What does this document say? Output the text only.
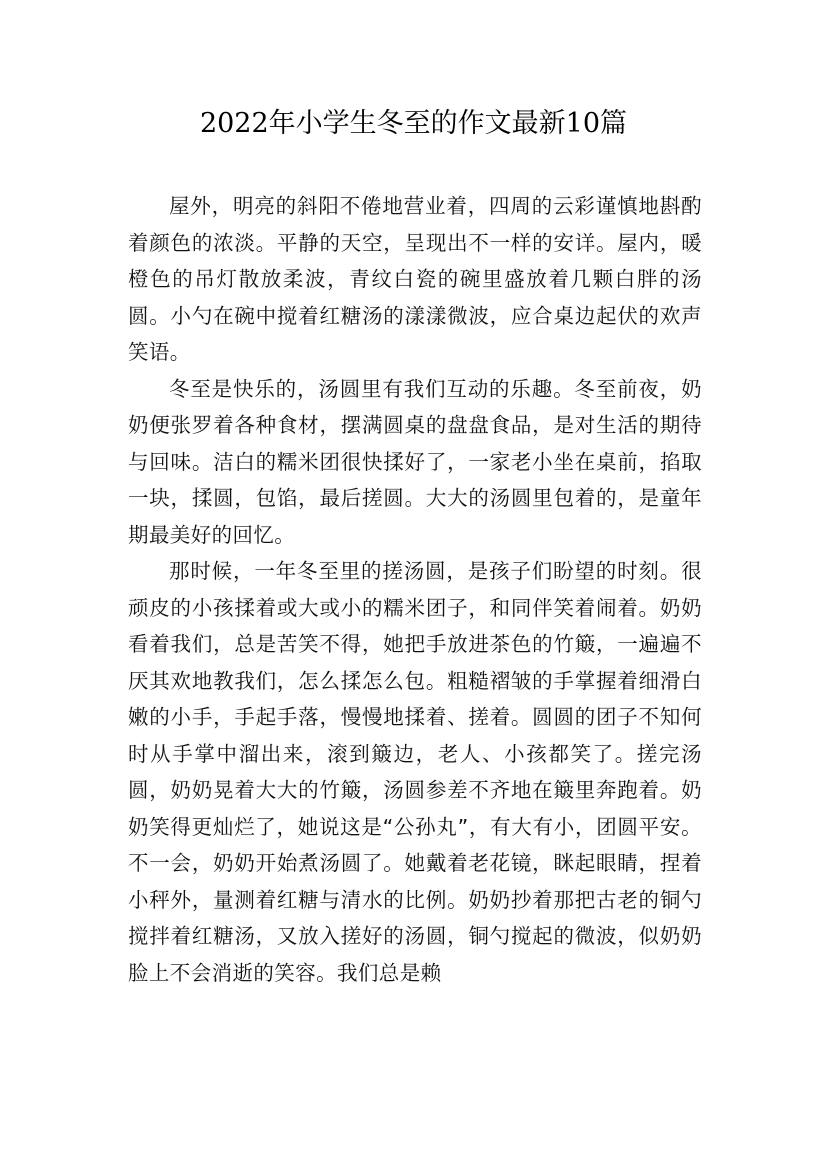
2022年小学生冬至的作文最新10篇

屋外，明亮的斜阳不倦地营业着，四周的云彩谨慎地斟酌着颜色的浓淡。平静的天空，呈现出不一样的安详。屋内，暖橙色的吊灯散放柔波，青纹白瓷的碗里盛放着几颗白胖的汤圆。小勺在碗中搅着红糖汤的漾漾微波，应合桌边起伏的欢声笑语。

冬至是快乐的，汤圆里有我们互动的乐趣。冬至前夜，奶奶便张罗着各种食材，摆满圆桌的盘盘食品，是对生活的期待与回味。洁白的糯米团很快揉好了，一家老小坐在桌前，掐取一块，揉圆，包馅，最后搓圆。大大的汤圆里包着的，是童年期最美好的回忆。

那时候，一年冬至里的搓汤圆，是孩子们盼望的时刻。很顽皮的小孩揉着或大或小的糯米团子，和同伴笑着闹着。奶奶看着我们，总是苦笑不得，她把手放进茶色的竹簸，一遍遍不厌其欢地教我们，怎么揉怎么包。粗糙褶皱的手掌握着细滑白嫩的小手，手起手落，慢慢地揉着、搓着。圆圆的团子不知何时从手掌中溜出来，滚到簸边，老人、小孩都笑了。搓完汤圆，奶奶晃着大大的竹簸，汤圆参差不齐地在簸里奔跑着。奶奶笑得更灿烂了，她说这是“公孙丸”，有大有小，团圆平安。不一会，奶奶开始煮汤圆了。她戴着老花镜，眯起眼睛，捏着小秤外，量测着红糖与清水的比例。奶奶抄着那把古老的铜勺搅拌着红糖汤，又放入搓好的汤圆，铜勺搅起的微波，似奶奶脸上不会消逝的笑容。我们总是赖
